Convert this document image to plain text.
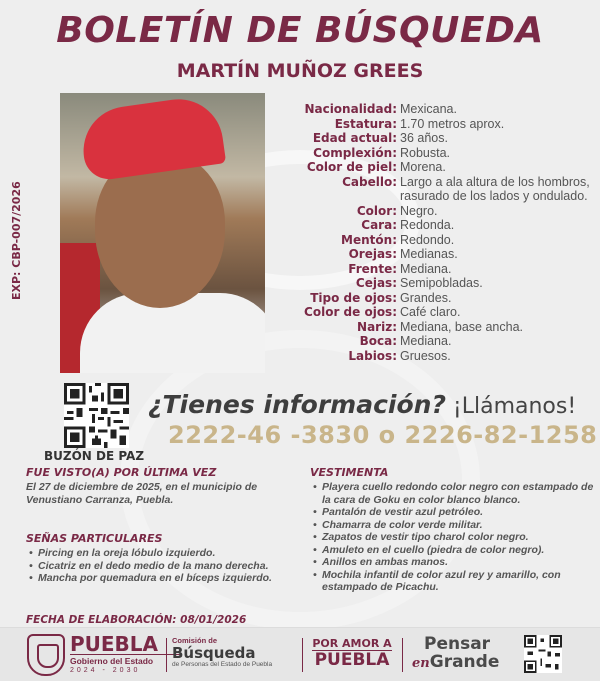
BOLETÍN DE BÚSQUEDA
MARTÍN MUÑOZ GREES
EXP: CBP-007/2026
Nacionalidad: Mexicana.
Estatura: 1.70 metros aprox.
Edad actual: 36 años.
Complexión: Robusta.
Color de piel: Morena.
Cabello: Largo a ala altura de los hombros, rasurado de los lados y ondulado.
Color: Negro.
Cara: Redonda.
Mentón: Redondo.
Orejas: Medianas.
Frente: Mediana.
Cejas: Semipobladas.
Tipo de ojos: Grandes.
Color de ojos: Café claro.
Nariz: Mediana, base ancha.
Boca: Mediana.
Labios: Gruesos.
BUZÓN DE PAZ
¿Tienes información? ¡Llámanos!
2222-46 -3830 o 2226-82-1258
FUE VISTO(A) POR ÚLTIMA VEZ

El 27 de diciembre de 2025, en el municipio de Venustiano Carranza, Puebla.

SEÑAS PARTICULARES
• Pircing en la oreja lóbulo izquierdo.
• Cicatriz en el dedo medio de la mano derecha.
• Mancha por quemadura en el bíceps izquierdo.
VESTIMENTA
• Playera cuello redondo color negro con estampado de la cara de Goku en color blanco blanco.
• Pantalón de vestir azul petróleo.
• Chamarra de color verde militar.
• Zapatos de vestir tipo charol color negro.
• Amuleto en el cuello (piedra de color negro).
• Anillos en ambas manos.
• Mochila infantil de color azul rey y amarillo, con estampado de Picachu.
FECHA DE ELABORACIÓN: 08/01/2026
PUEBLA
Gobierno del Estado
2024 - 2030
Comisión de
Búsqueda
de Personas del Estado de Puebla
POR AMOR A
PUEBLA
Pensar
enGrande
